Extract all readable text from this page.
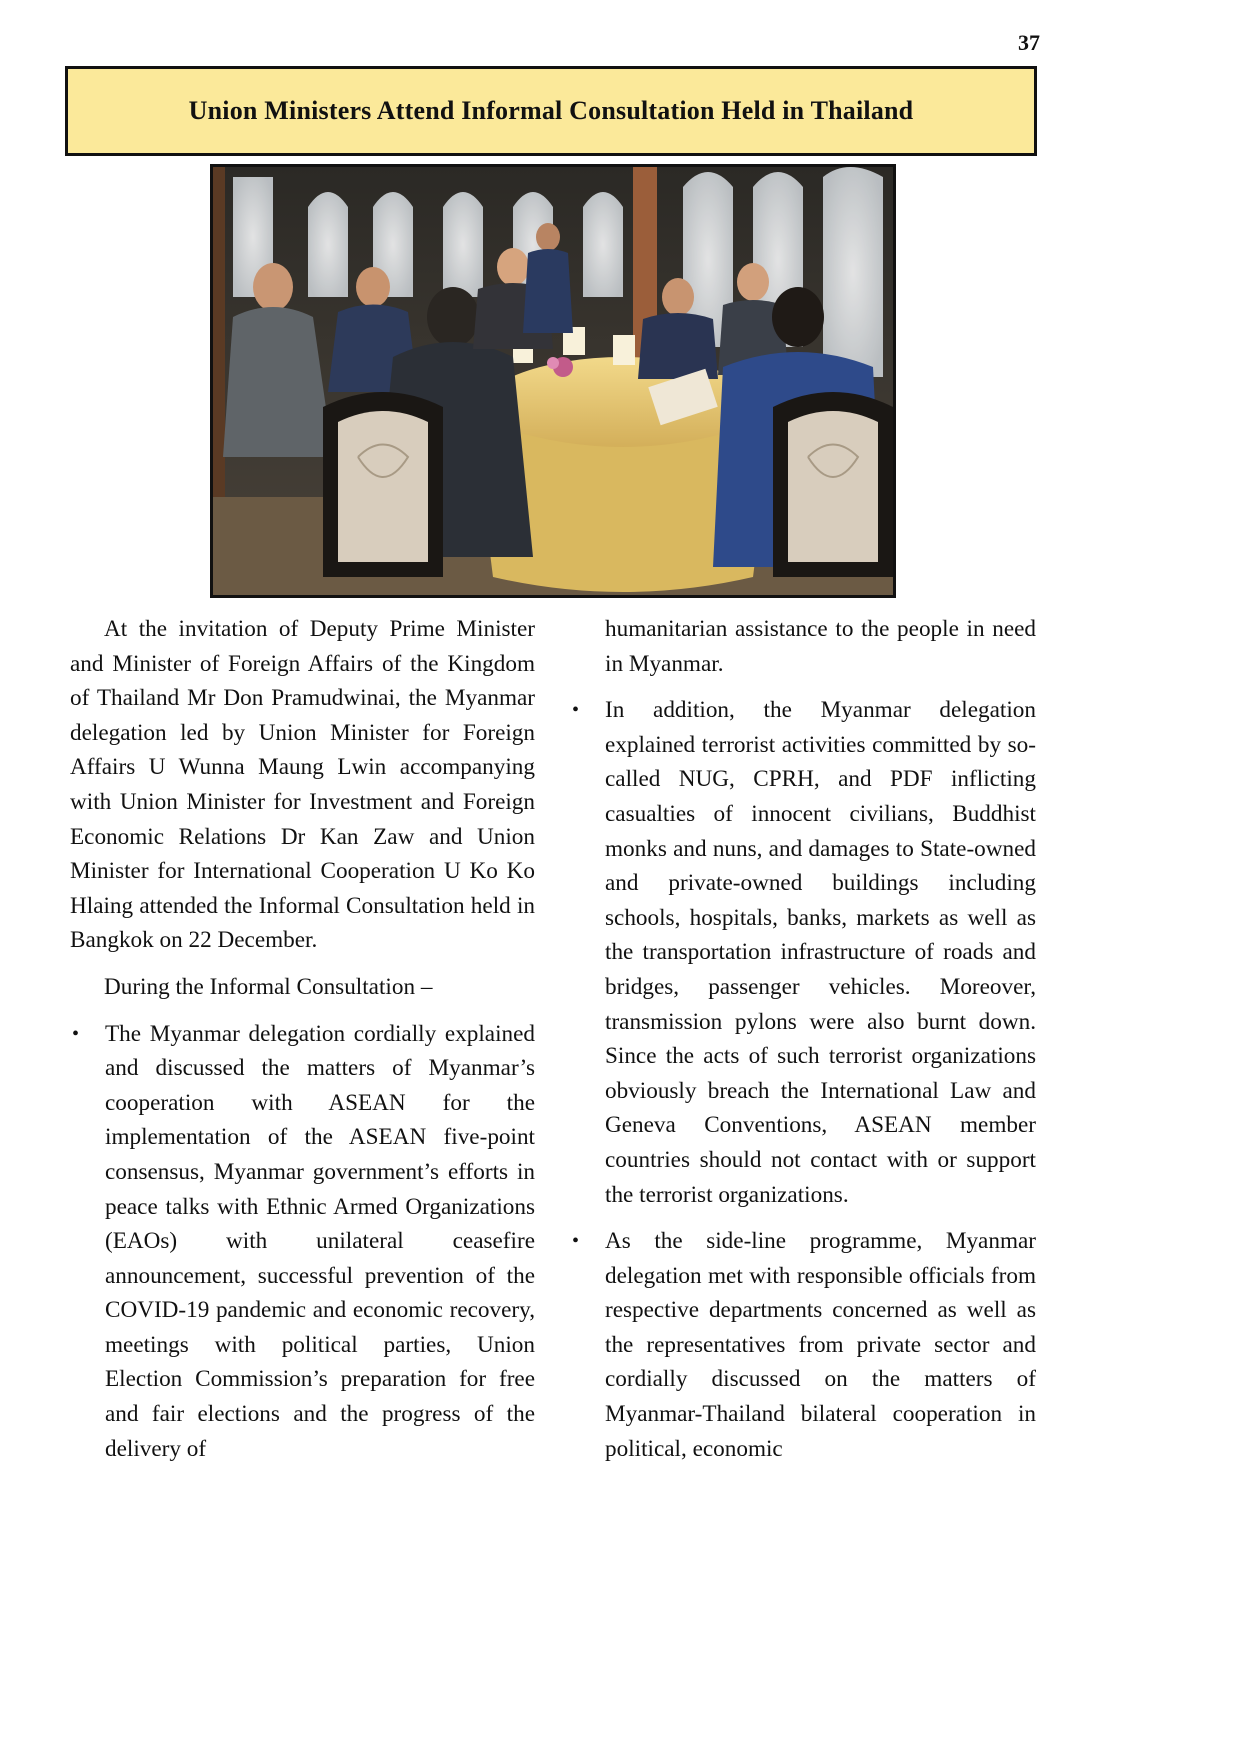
37
Union Ministers Attend Informal Consultation Held in Thailand

At the invitation of Deputy Prime Minister and Minister of Foreign Affairs of the Kingdom of Thailand Mr Don Pramudwinai, the Myanmar delegation led by Union Minister for Foreign Affairs U Wunna Maung Lwin accompanying with Union Minister for Investment and Foreign Economic Relations Dr Kan Zaw and Union Minister for International Cooperation U Ko Ko Hlaing attended the Informal Consultation held in Bangkok on 22 December.

During the Informal Consultation –

• The Myanmar delegation cordially explained and discussed the matters of Myanmar’s cooperation with ASEAN for the implementation of the ASEAN five-point consensus, Myanmar government’s efforts in peace talks with Ethnic Armed Organizations (EAOs) with unilateral ceasefire announcement, successful prevention of the COVID-19 pandemic and economic recovery, meetings with political parties, Union Election Commission’s preparation for free and fair elections and the progress of the delivery of

humanitarian assistance to the people in need in Myanmar.

• In addition, the Myanmar delegation explained terrorist activities committed by so-called NUG, CPRH, and PDF inflicting casualties of innocent civilians, Buddhist monks and nuns, and damages to State-owned and private-owned buildings including schools, hospitals, banks, markets as well as the transportation infrastructure of roads and bridges, passenger vehicles. Moreover, transmission pylons were also burnt down. Since the acts of such terrorist organizations obviously breach the International Law and Geneva Conventions, ASEAN member countries should not contact with or support the terrorist organizations.
• As the side-line programme, Myanmar delegation met with responsible officials from respective departments concerned as well as the representatives from private sector and cordially discussed on the matters of Myanmar-Thailand bilateral cooperation in political, economic
